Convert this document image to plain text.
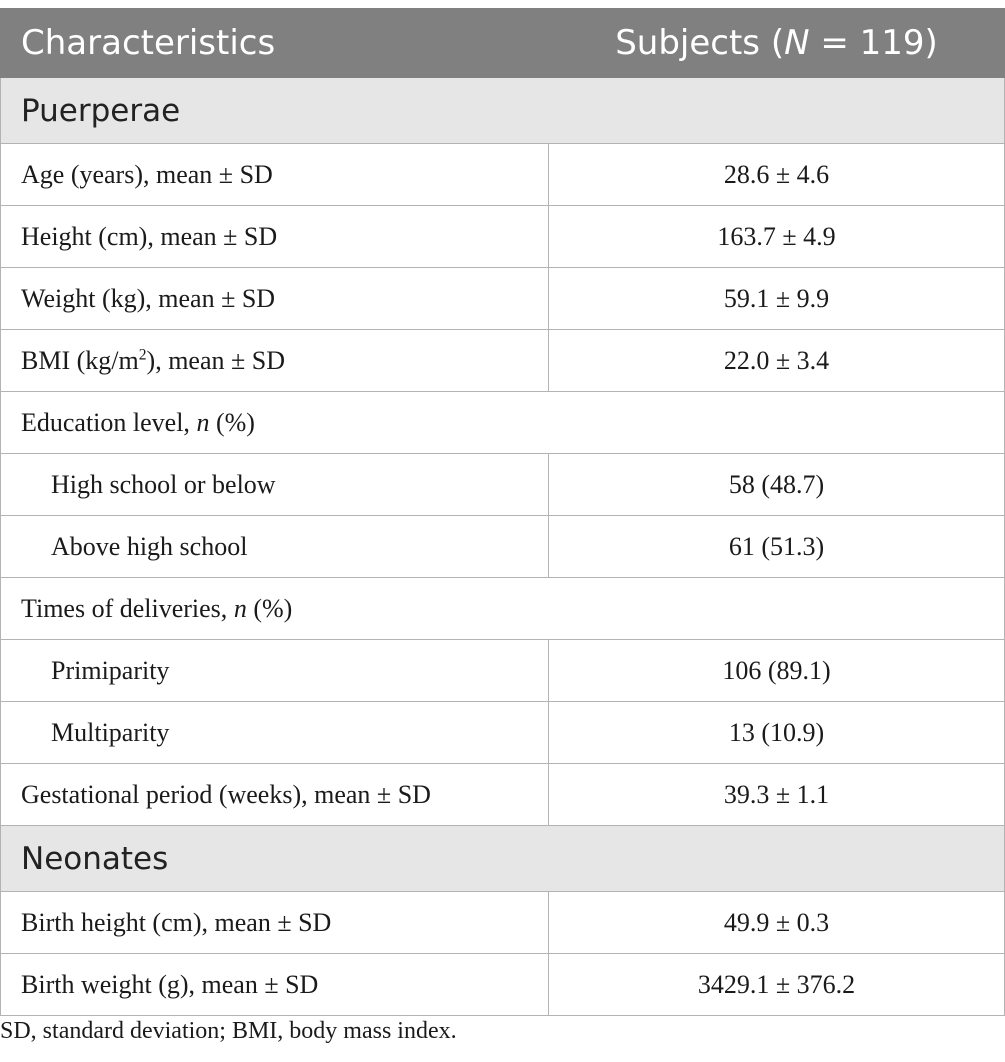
Characteristics	Subjects (N = 119)
Puerperae	
Age (years), mean ± SD	28.6 ± 4.6
Height (cm), mean ± SD	163.7 ± 4.9
Weight (kg), mean ± SD	59.1 ± 9.9
BMI $(kg/m^2)$, mean ± SD	22.0 ± 3.4
Education level, n (%)	
High school or below	58 (48.7)
Above high school	61 (51.3)
Times of deliveries, n (%)	
Primiparity	106 (89.1)
Multiparity	13 (10.9)
Gestational period (weeks), mean ± SD	39.3 ± 1.1
Neonates	
Birth height (cm), mean ± SD	49.9 ± 0.3
Birth weight (g), mean ± SD	3429.1 ± 376.2
SD, standard deviation; BMI, body mass index.
